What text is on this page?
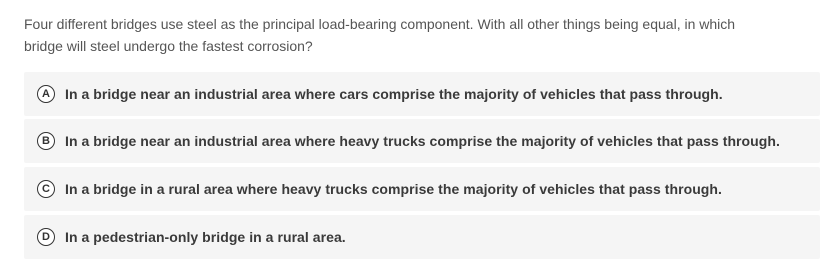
Four different bridges use steel as the principal load-bearing component. With all other things being equal, in which
bridge will steel undergo the fastest corrosion?
A	In a bridge near an industrial area where cars comprise the majority of vehicles that pass through.
B	In a bridge near an industrial area where heavy trucks comprise the majority of vehicles that pass through.
C	In a bridge in a rural area where heavy trucks comprise the majority of vehicles that pass through.
D	In a pedestrian-only bridge in a rural area.
